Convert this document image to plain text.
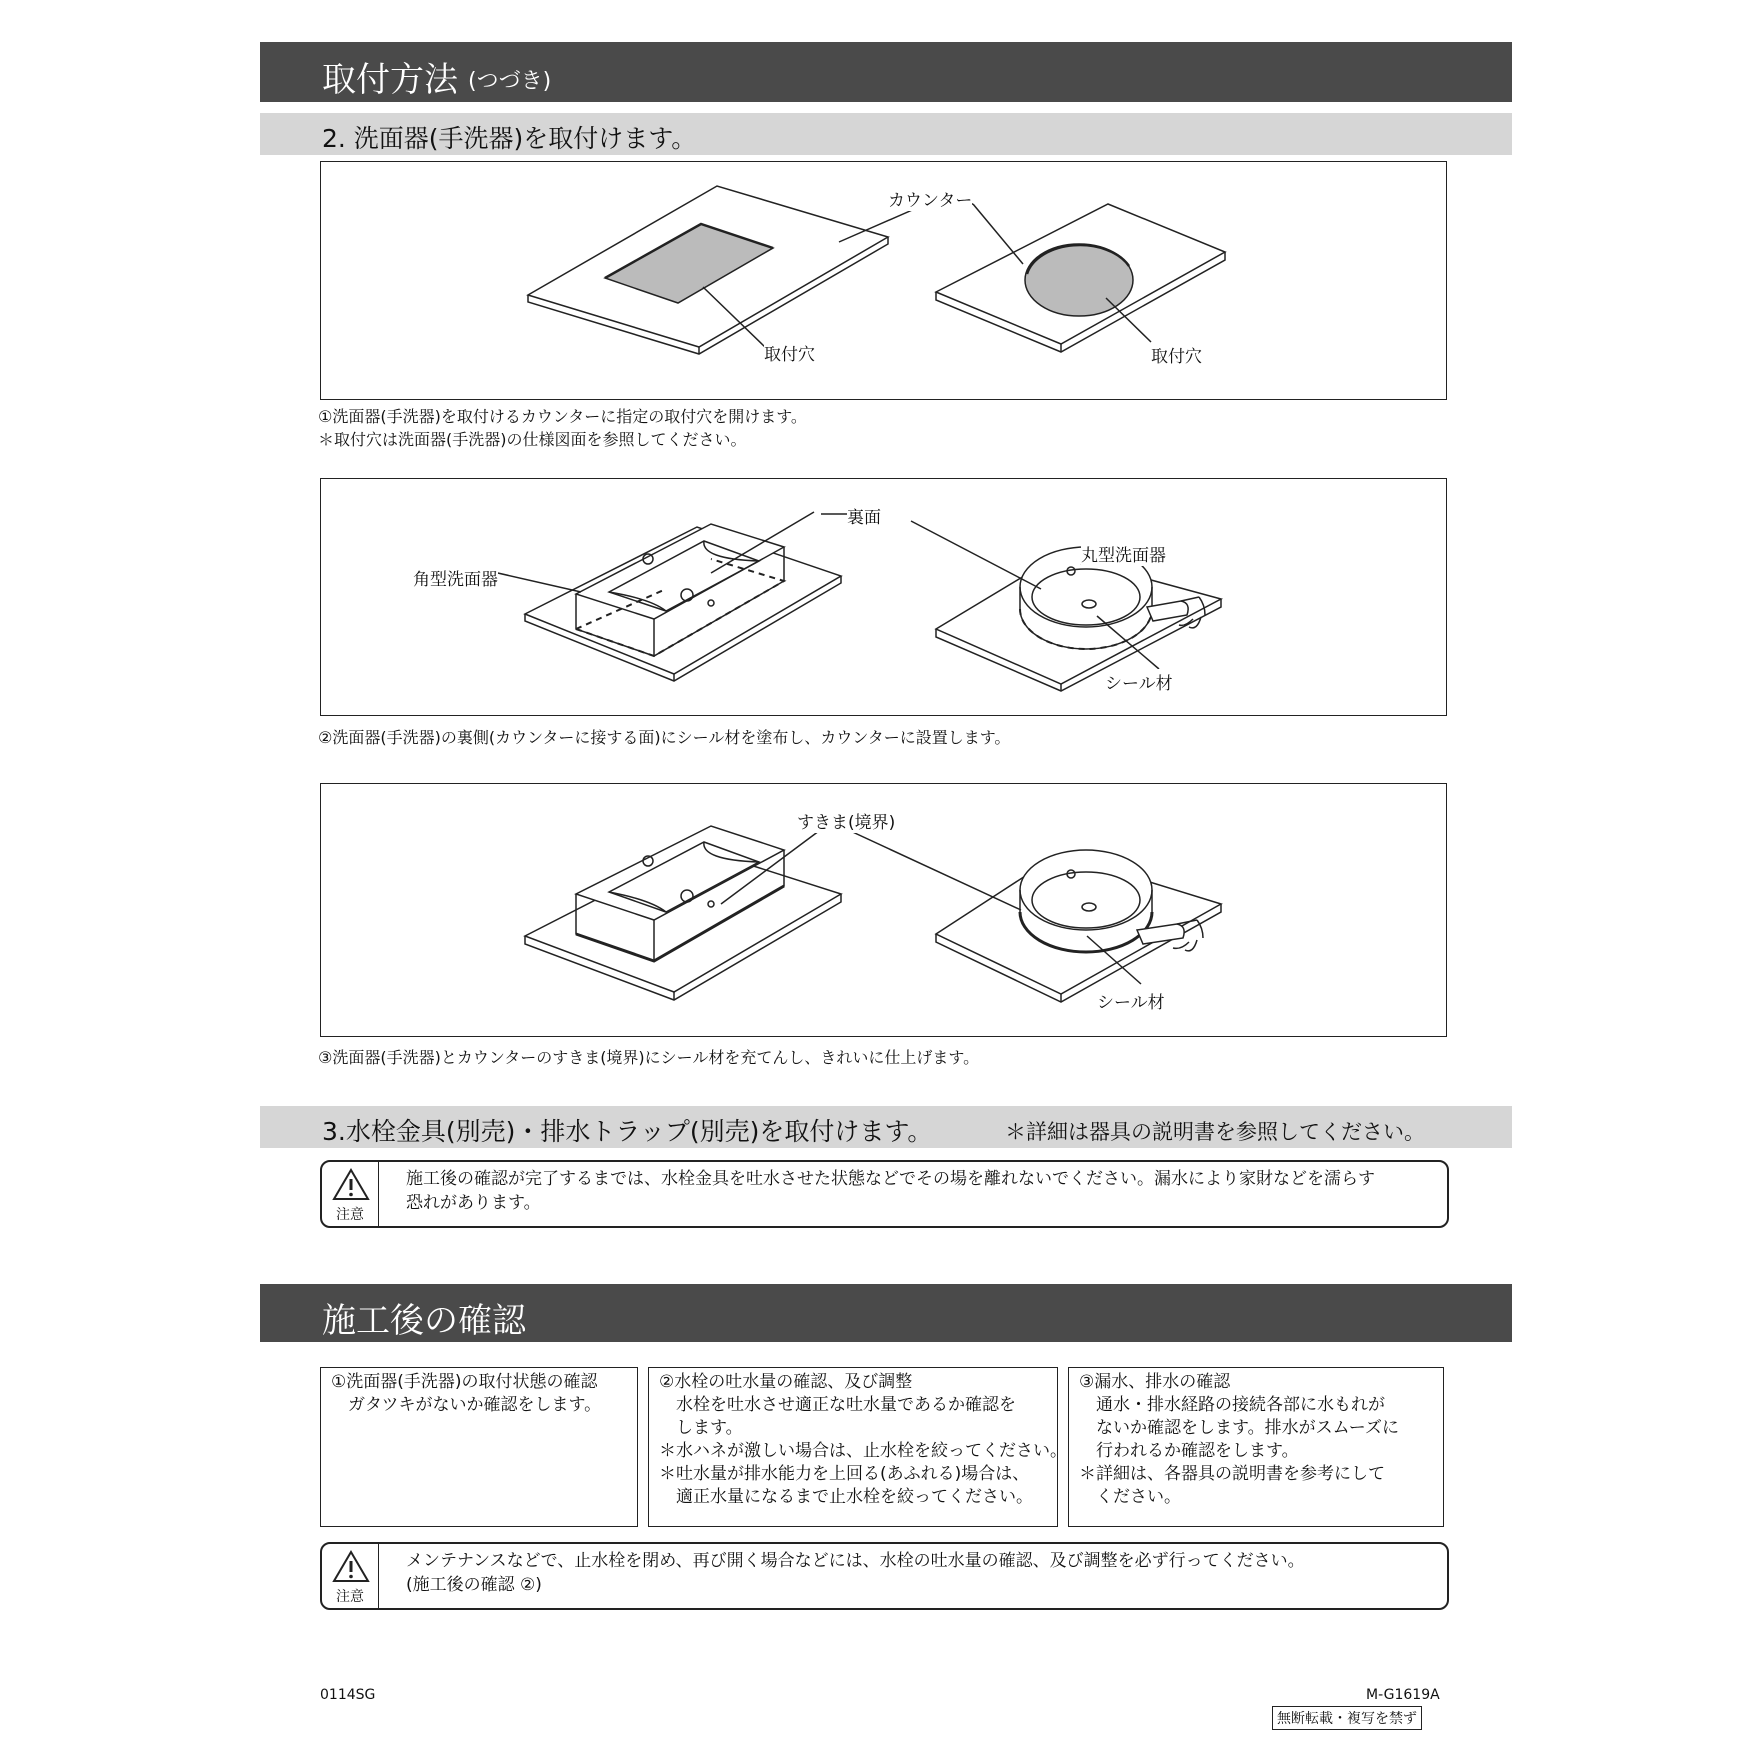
取付方法 (つづき)
2. 洗面器(手洗器)を取付けます。
カウンター
取付穴	取付穴
①洗面器(手洗器)を取付けるカウンターに指定の取付穴を開けます。
＊取付穴は洗面器(手洗器)の仕様図面を参照してください。
裏面
角型洗面器
丸型洗面器
シール材
②洗面器(手洗器)の裏側(カウンターに接する面)にシール材を塗布し、カウンターに設置します。
すきま(境界)
シール材
③洗面器(手洗器)とカウンターのすきま(境界)にシール材を充てんし、きれいに仕上げます。
3.水栓金具(別売)・排水トラップ(別売)を取付けます。	＊詳細は器具の説明書を参照してください。
注意
施工後の確認が完了するまでは、水栓金具を吐水させた状態などでその場を離れないでください。漏水により家財などを濡らす
恐れがあります。
施工後の確認
①洗面器(手洗器)の取付状態の確認
　ガタツキがないか確認をします。
②水栓の吐水量の確認、及び調整
　水栓を吐水させ適正な吐水量であるか確認を
　します。
＊水ハネが激しい場合は、止水栓を絞ってください。
＊吐水量が排水能力を上回る(あふれる)場合は、
　適正水量になるまで止水栓を絞ってください。
③漏水、排水の確認
　通水・排水経路の接続各部に水もれが
　ないか確認をします。排水がスムーズに
　行われるか確認をします。
＊詳細は、各器具の説明書を参考にして
　ください。
注意
メンテナンスなどで、止水栓を閉め、再び開く場合などには、水栓の吐水量の確認、及び調整を必ず行ってください。
(施工後の確認 ②)
0114SG	M-G1619A
無断転載・複写を禁ず
